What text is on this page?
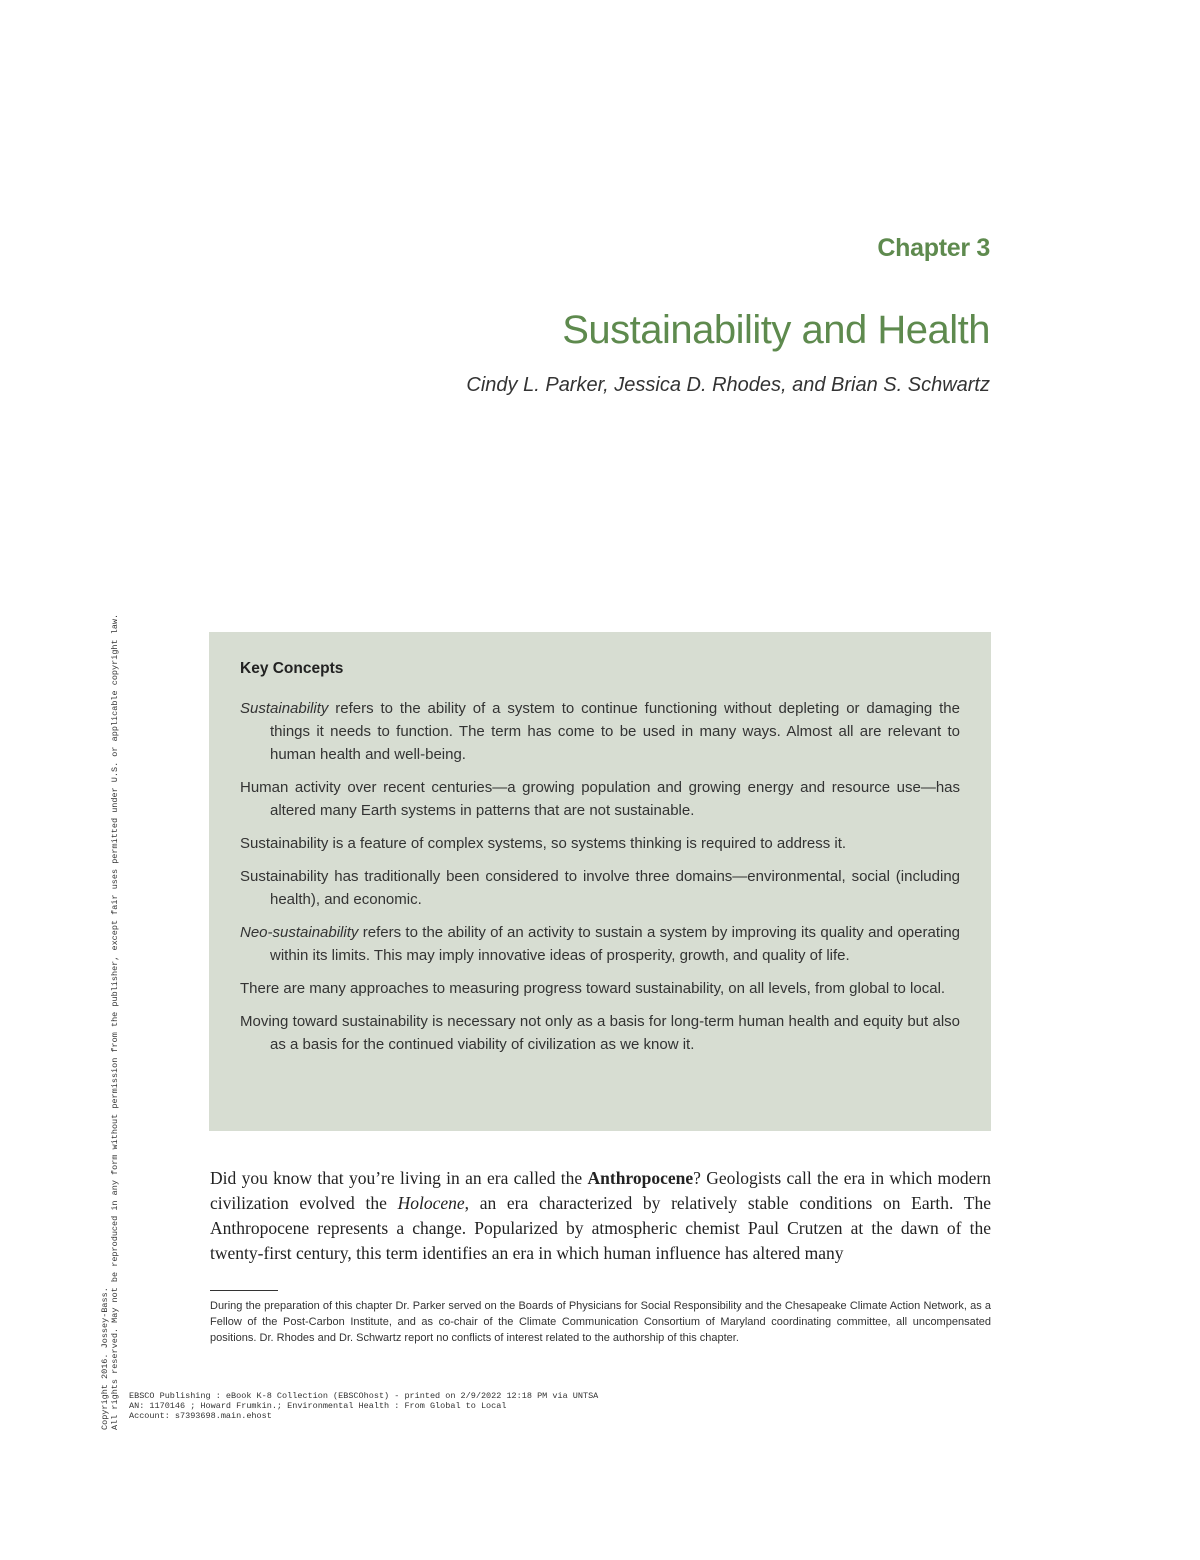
Chapter 3
Sustainability and Health
Cindy L. Parker, Jessica D. Rhodes, and Brian S. Schwartz
Key Concepts

Sustainability refers to the ability of a system to continue functioning without depleting or damaging the things it needs to function. The term has come to be used in many ways. Almost all are relevant to human health and well-being.

Human activity over recent centuries—a growing population and growing energy and resource use—has altered many Earth systems in patterns that are not sustainable.

Sustainability is a feature of complex systems, so systems thinking is required to address it.

Sustainability has traditionally been considered to involve three domains—environmental, social (including health), and economic.

Neo-sustainability refers to the ability of an activity to sustain a system by improving its quality and operating within its limits. This may imply innovative ideas of prosperity, growth, and quality of life.

There are many approaches to measuring progress toward sustainability, on all levels, from global to local.

Moving toward sustainability is necessary not only as a basis for long-term human health and equity but also as a basis for the continued viability of civilization as we know it.

Did you know that you’re living in an era called the Anthropocene? Geologists call the era in which modern civilization evolved the Holocene, an era characterized by relatively stable conditions on Earth. The Anthropocene represents a change. Popularized by atmospheric chemist Paul Crutzen at the dawn of the twenty-first century, this term identifies an era in which human influence has altered many

During the preparation of this chapter Dr. Parker served on the Boards of Physicians for Social Responsibility and the Chesapeake Climate Action Network, as a Fellow of the Post-Carbon Institute, and as co-chair of the Climate Communication Consortium of Maryland coordinating committee, all uncompensated positions. Dr. Rhodes and Dr. Schwartz report no conflicts of interest related to the authorship of this chapter.

EBSCO Publishing : eBook K-8 Collection (EBSCOhost) - printed on 2/9/2022 12:18 PM via UNTSA
AN: 1170146 ; Howard Frumkin.; Environmental Health : From Global to Local
Account: s7393698.main.ehost
Copyright 2016. Jossey-Bass. All rights reserved. May not be reproduced in any form without permission from the publisher, except fair uses permitted under U.S. or applicable copyright law.
